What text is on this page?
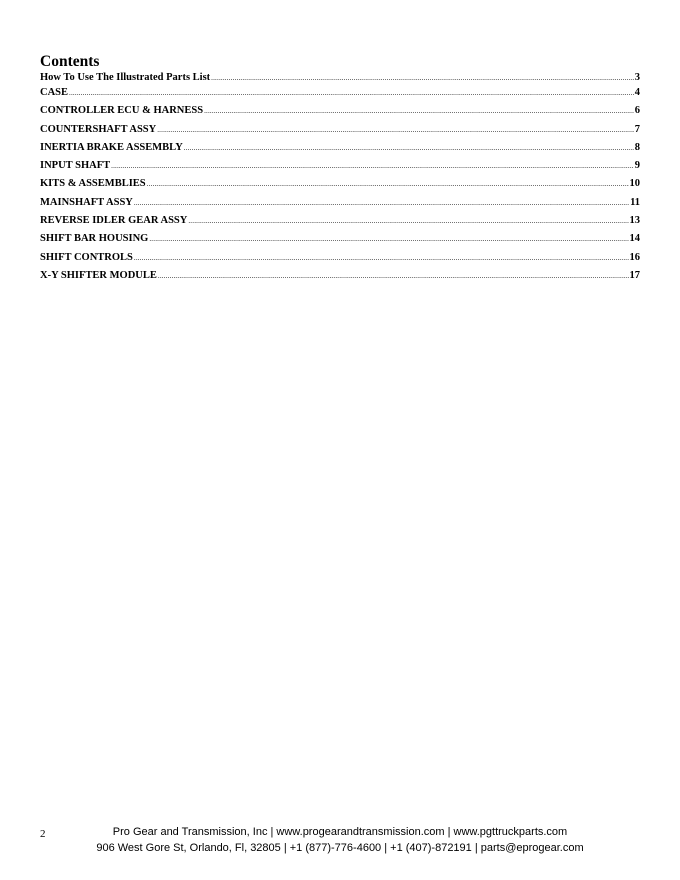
Contents
How To Use The Illustrated Parts List .....	3
CASE .....	4
CONTROLLER ECU & HARNESS .....	6
COUNTERSHAFT ASSY .....	7
INERTIA BRAKE ASSEMBLY .....	8
INPUT SHAFT .....	9
KITS & ASSEMBLIES .....	10
MAINSHAFT ASSY .....	11
REVERSE IDLER GEAR ASSY .....	13
SHIFT BAR HOUSING .....	14
SHIFT CONTROLS .....	16
X-Y SHIFTER MODULE .....	17
2	Pro Gear and Transmission, Inc | www.progearandtransmission.com | www.pgttruckparts.com
906 West Gore St, Orlando, Fl, 32805 | +1 (877)-776-4600 | +1 (407)-872191 | parts@eprogear.com
